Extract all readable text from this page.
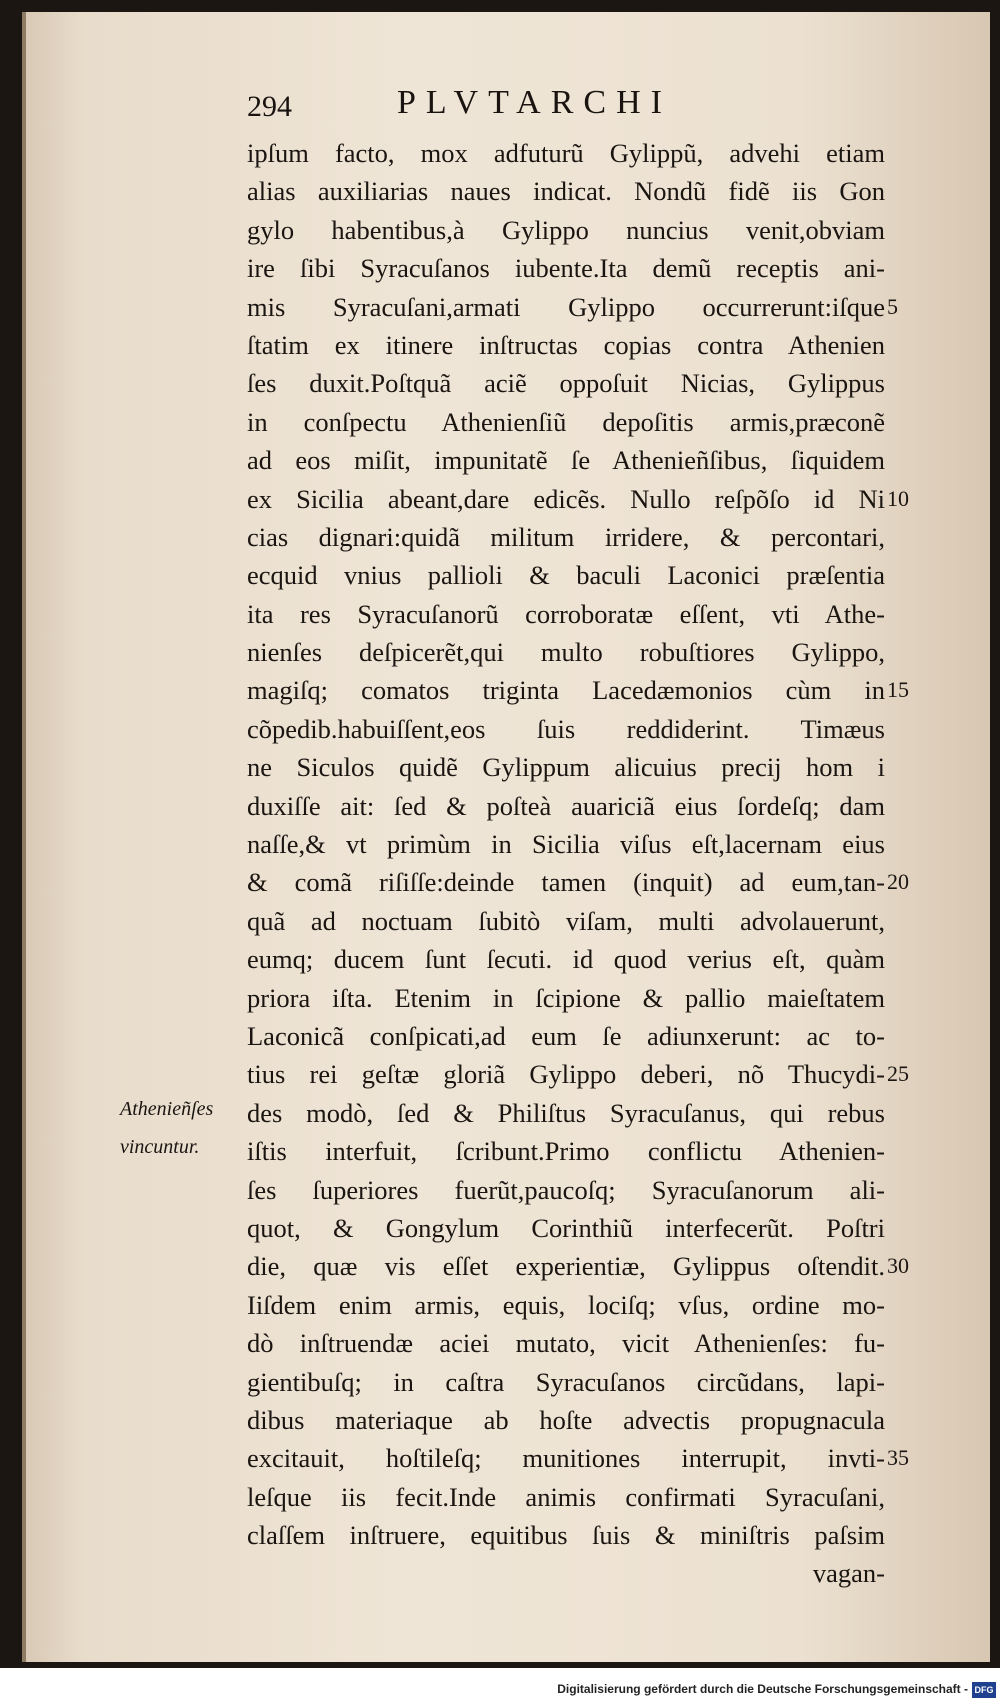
294	PLVTARCHI
ipſum facto, mox adfuturũ Gylippũ, advehi etiam
alias auxiliarias naues indicat. Nondũ fidẽ iis Gon
gylo habentibus,à Gylippo nuncius venit,obviam
ire ſibi Syracuſanos iubente.Ita demũ receptis ani-
mis Syracuſani,armati Gylippo occurrerunt:iſque 5
ſtatim ex itinere inſtructas copias contra Athenien
ſes duxit.Poſtquã aciẽ oppoſuit Nicias, Gylippus
in conſpectu Athenienſiũ depoſitis armis,præconẽ
ad eos miſit, impunitatẽ ſe Athenieñſibus, ſiquidem
ex Sicilia abeant,dare edicẽs. Nullo reſpõſo id Ni 10
cias dignari:quidã militum irridere, & percontari,
ecquid vnius pallioli & baculi Laconici præſentia
ita res Syracuſanorũ corroboratæ eſſent, vti Athe-
nienſes deſpicerẽt,qui multo robuſtiores Gylippo,
magiſq; comatos triginta Lacedæmonios cùm in 15
cõpedib.habuiſſent,eos ſuis reddiderint. Timæus
ne Siculos quidẽ Gylippum alicuius precij hom i
duxiſſe ait: ſed & poſteà auariciã eius ſordeſq; dam
naſſe,& vt primùm in Sicilia viſus eſt,lacernam eius
& comã riſiſſe:deinde tamen (inquit) ad eum,tan- 20
quã ad noctuam ſubitò viſam, multi advolauerunt,
eumq; ducem ſunt ſecuti. id quod verius eſt, quàm
priora iſta. Etenim in ſcipione & pallio maieſtatem
Laconicã conſpicati,ad eum ſe adiunxerunt: ac to-
tius rei geſtæ gloriã Gylippo deberi, nõ Thucydi- 25
des modò, ſed & Philiſtus Syracuſanus, qui rebus
iſtis interfuit, ſcribunt.Primo conflictu Athenien-
ſes ſuperiores fuerũt,paucoſq; Syracuſanorum ali-
quot, & Gongylum Corinthiũ interfecerũt. Poſtri
die, quæ vis eſſet experientiæ, Gylippus oſtendit. 30
Iiſdem enim armis, equis, lociſq; vſus, ordine mo-
dò inſtruendæ aciei mutato, vicit Athenienſes: fu-
gientibuſq; in caſtra Syracuſanos circũdans, lapi-
dibus materiaque ab hoſte advectis propugnacula
excitauit, hoſtileſq; munitiones interrupit, invti- 35
leſque iis fecit.Inde animis confirmati Syracuſani,
claſſem inſtruere, equitibus ſuis & miniſtris paſsim
vagan-
Athenieñſes
vincuntur.
Digitalisierung gefördert durch die Deutsche Forschungsgemeinschaft - DFG
